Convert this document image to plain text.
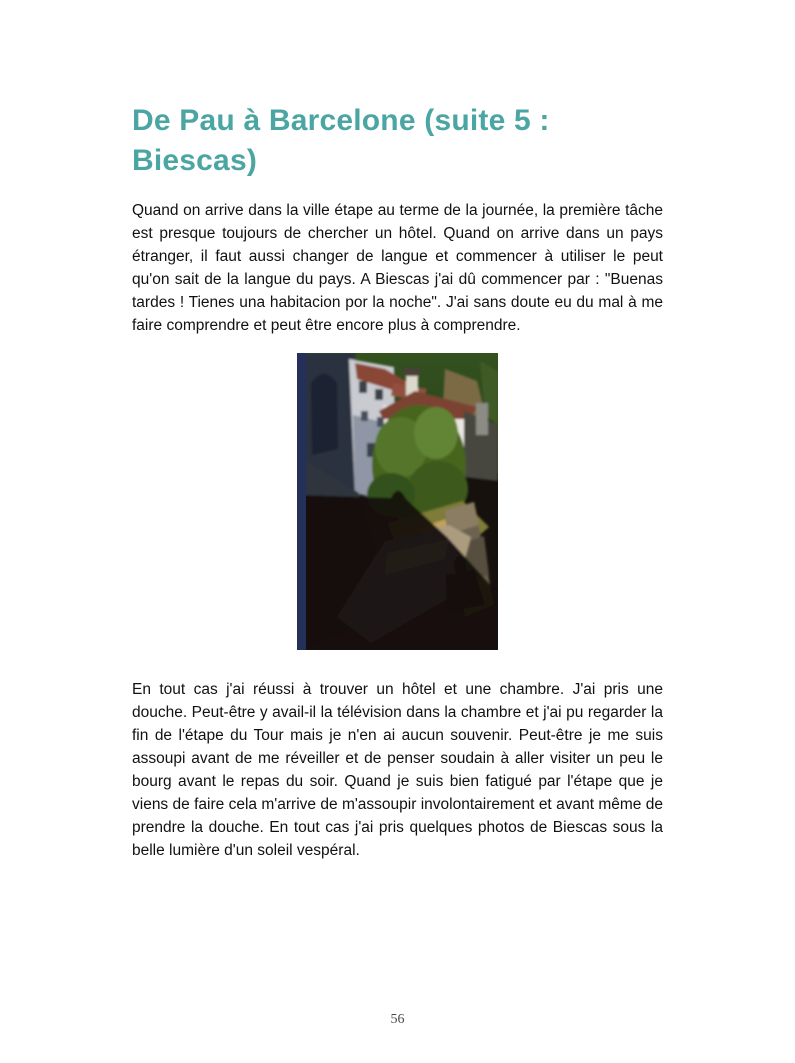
De Pau à Barcelone (suite 5 : Biescas)

Quand on arrive dans la ville étape au terme de la journée, la première tâche est presque toujours de chercher un hôtel. Quand on arrive dans un pays étranger, il faut aussi changer de langue et commencer à utiliser le peut qu'on sait de la langue du pays. A Biescas j'ai dû commencer par : "Buenas tardes ! Tienes una habitacion por la noche". J'ai sans doute eu du mal à me faire comprendre et peut être encore plus à comprendre.

En tout cas j'ai réussi à trouver un hôtel et une chambre. J'ai pris une douche. Peut-être y avail-il la télévision dans la chambre et j'ai pu regarder la fin de l'étape du Tour mais je n'en ai aucun souvenir. Peut-être je me suis assoupi avant de me réveiller et de penser soudain à aller visiter un peu le bourg avant le repas du soir. Quand je suis bien fatigué par l'étape que je viens de faire cela m'arrive de m'assoupir involontairement et avant même de prendre la douche. En tout cas j'ai pris quelques photos de Biescas sous la belle lumière d'un soleil vespéral.

56
